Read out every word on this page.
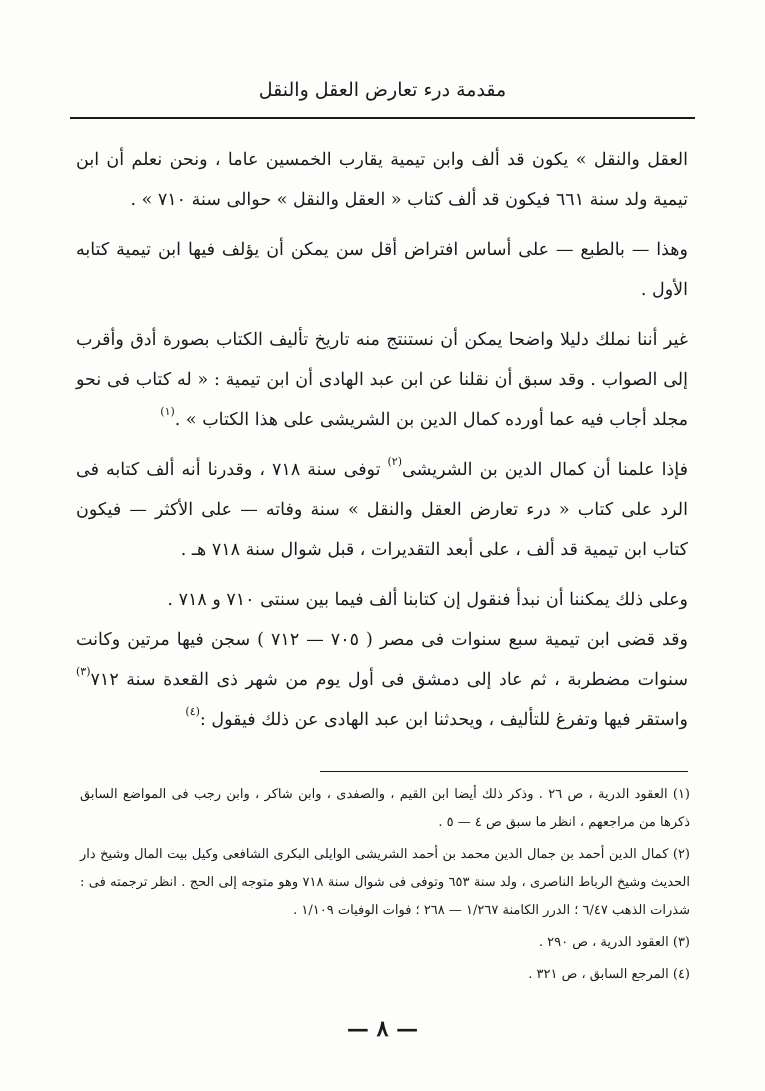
مقدمة درء تعارض العقل والنقل

العقل والنقل » يكون قد ألف وابن تيمية يقارب الخمسين عاما ، ونحن نعلم أن ابن تيمية ولد سنة ٦٦١ فيكون قد ألف كتاب « العقل والنقل » حوالى سنة ٧١٠ » .

وهذا — بالطبع — على أساس افتراض أقل سن يمكن أن يؤلف فيها ابن تيمية كتابه الأول .

غير أننا نملك دليلا واضحا يمكن أن نستنتج منه تاريخ تأليف الكتاب بصورة أدق وأقرب إلى الصواب . وقد سبق أن نقلنا عن ابن عبد الهادى أن ابن تيمية : « له كتاب فى نحو مجلد أجاب فيه عما أورده كمال الدين بن الشريشى على هذا الكتاب » .$^{(١)}$

فإذا علمنا أن كمال الدين بن الشريشى$^{(٢)}$ توفى سنة ٧١٨ ، وقدرنا أنه ألف كتابه فى الرد على كتاب « درء تعارض العقل والنقل » سنة وفاته — على الأكثر — فيكون كتاب ابن تيمية قد ألف ، على أبعد التقديرات ، قبل شوال سنة ٧١٨ هـ .

وعلى ذلك يمكننا أن نبدأ فنقول إن كتابنا ألف فيما بين سنتى ٧١٠ و ٧١٨ .

وقد قضى ابن تيمية سبع سنوات فى مصر ( ٧٠٥ — ٧١٢ ) سجن فيها مرتين وكانت سنوات مضطربة ، ثم عاد إلى دمشق فى أول يوم من شهر ذى القعدة سنة ٧١٢$^{(٣)}$ واستقر فيها وتفرغ للتأليف ، ويحدثنا ابن عبد الهادى عن ذلك فيقول :$^{(٤)}$

(١) العقود الدرية ، ص ٢٦ . وذكر ذلك أيضا ابن القيم ، والصفدى ، وابن شاكر ، وابن رجب فى المواضع السابق ذكرها من مراجعهم ، انظر ما سبق ص ٤ — ٥ .

(٢) كمال الدين أحمد بن جمال الدين محمد بن أحمد الشريشى الوايلى البكرى الشافعى وكيل بيت المال وشيخ دار الحديث وشيخ الرباط الناصرى ، ولد سنة ٦٥٣ وتوفى فى شوال سنة ٧١٨ وهو متوجه إلى الحج . انظر ترجمته فى : شذرات الذهب ٦/٤٧ ؛ الدرر الكامنة ١/٢٦٧ — ٢٦٨ ؛ فوات الوفيات ١/١٠٩ .

(٣) العقود الدرية ، ص ٢٩٠ .

(٤) المرجع السابق ، ص ٣٢١ .

— ٨ —
